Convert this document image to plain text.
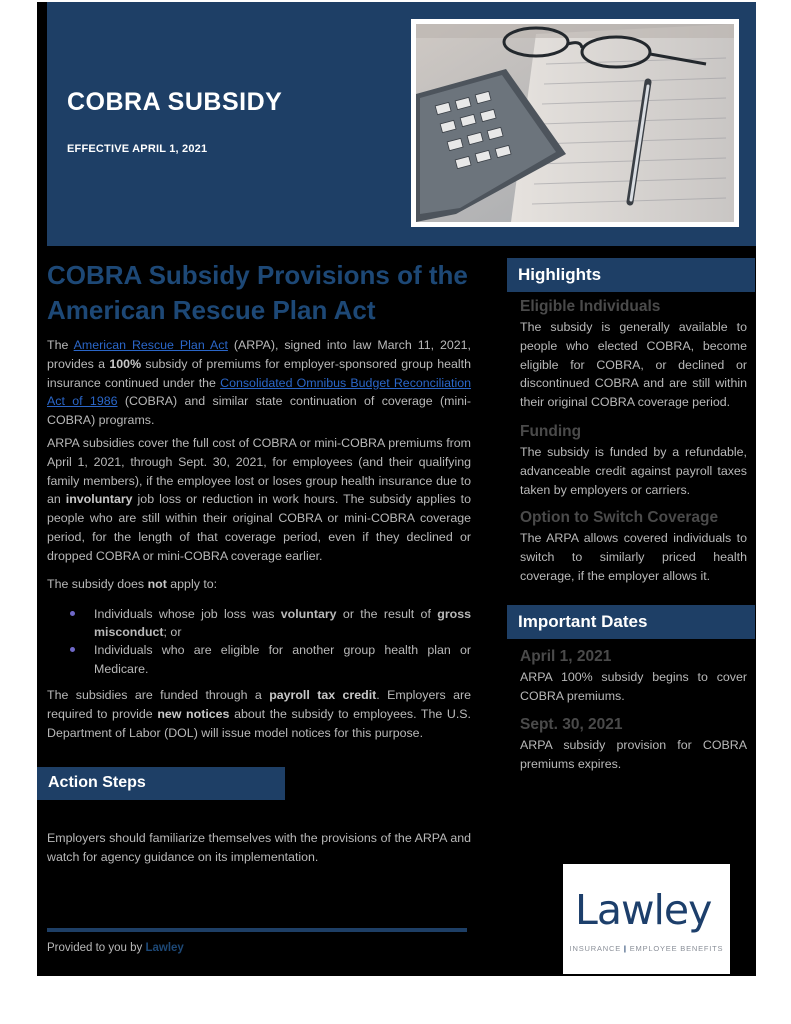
COBRA SUBSIDY
EFFECTIVE APRIL 1, 2021
COBRA Subsidy Provisions of the American Rescue Plan Act

The American Rescue Plan Act (ARPA), signed into law March 11, 2021, provides a 100% subsidy of premiums for employer-sponsored group health insurance continued under the Consolidated Omnibus Budget Reconciliation Act of 1986 (COBRA) and similar state continuation of coverage (mini-COBRA) programs.

ARPA subsidies cover the full cost of COBRA or mini-COBRA premiums from April 1, 2021, through Sept. 30, 2021, for employees (and their qualifying family members), if the employee lost or loses group health insurance due to an involuntary job loss or reduction in work hours. The subsidy applies to people who are still within their original COBRA or mini-COBRA coverage period, for the length of that coverage period, even if they declined or dropped COBRA or mini-COBRA coverage earlier.

The subsidy does not apply to:

Individuals whose job loss was voluntary or the result of gross misconduct; or
Individuals who are eligible for another group health plan or Medicare.

The subsidies are funded through a payroll tax credit. Employers are required to provide new notices about the subsidy to employees. The U.S. Department of Labor (DOL) will issue model notices for this purpose.

Action Steps

Employers should familiarize themselves with the provisions of the ARPA and watch for agency guidance on its implementation.

Provided to you by Lawley
Highlights
Eligible Individuals
The subsidy is generally available to people who elected COBRA, become eligible for COBRA, or declined or discontinued COBRA and are still within their original COBRA coverage period.
Funding
The subsidy is funded by a refundable, advanceable credit against payroll taxes taken by employers or carriers.
Option to Switch Coverage
The ARPA allows covered individuals to switch to similarly priced health coverage, if the employer allows it.
Important Dates
April 1, 2021
ARPA 100% subsidy begins to cover COBRA premiums.
Sept. 30, 2021
ARPA subsidy provision for COBRA premiums expires.
Lawley
INSURANCE | EMPLOYEE BENEFITS
